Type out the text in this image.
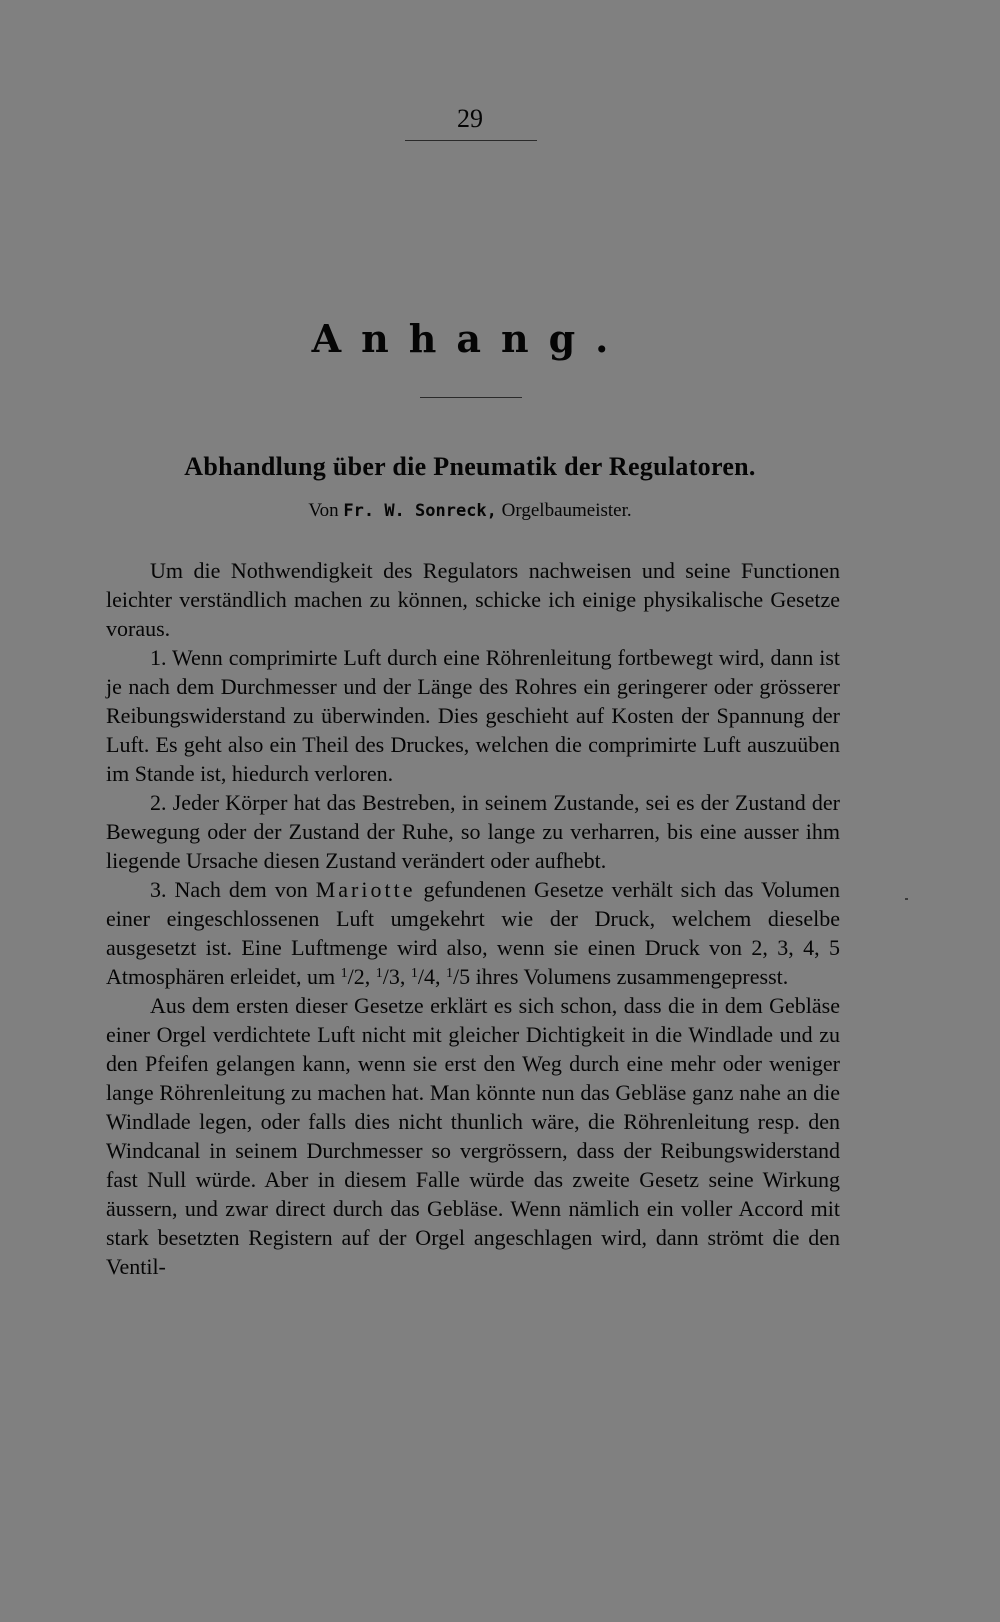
29
Anhang.
Abhandlung über die Pneumatik der Regulatoren.
Von Fr. W. Sonreck, Orgelbaumeister.

Um die Nothwendigkeit des Regulators nachweisen und seine Functionen leichter verständlich machen zu können, schicke ich einige physikalische Gesetze voraus.

1. Wenn comprimirte Luft durch eine Röhrenleitung fortbewegt wird, dann ist je nach dem Durchmesser und der Länge des Rohres ein geringerer oder grösserer Reibungswiderstand zu überwinden. Dies geschieht auf Kosten der Spannung der Luft. Es geht also ein Theil des Druckes, welchen die comprimirte Luft auszuüben im Stande ist, hiedurch verloren.

2. Jeder Körper hat das Bestreben, in seinem Zustande, sei es der Zustand der Bewegung oder der Zustand der Ruhe, so lange zu verharren, bis eine ausser ihm liegende Ursache diesen Zustand verändert oder aufhebt.

3. Nach dem von Mariotte gefundenen Gesetze verhält sich das Volumen einer eingeschlossenen Luft umgekehrt wie der Druck, welchem dieselbe ausgesetzt ist. Eine Luftmenge wird also, wenn sie einen Druck von 2, 3, 4, 5 Atmosphären erleidet, um $^1$/2, $^1$/3, $^1$/4, $^1$/5 ihres Volumens zusammengepresst.

Aus dem ersten dieser Gesetze erklärt es sich schon, dass die in dem Gebläse einer Orgel verdichtete Luft nicht mit gleicher Dichtigkeit in die Windlade und zu den Pfeifen gelangen kann, wenn sie erst den Weg durch eine mehr oder weniger lange Röhrenleitung zu machen hat. Man könnte nun das Gebläse ganz nahe an die Windlade legen, oder falls dies nicht thunlich wäre, die Röhrenleitung resp. den Windcanal in seinem Durchmesser so vergrössern, dass der Reibungswiderstand fast Null würde. Aber in diesem Falle würde das zweite Gesetz seine Wirkung äussern, und zwar direct durch das Gebläse. Wenn nämlich ein voller Accord mit stark besetzten Registern auf der Orgel angeschlagen wird, dann strömt die den Ventil-
